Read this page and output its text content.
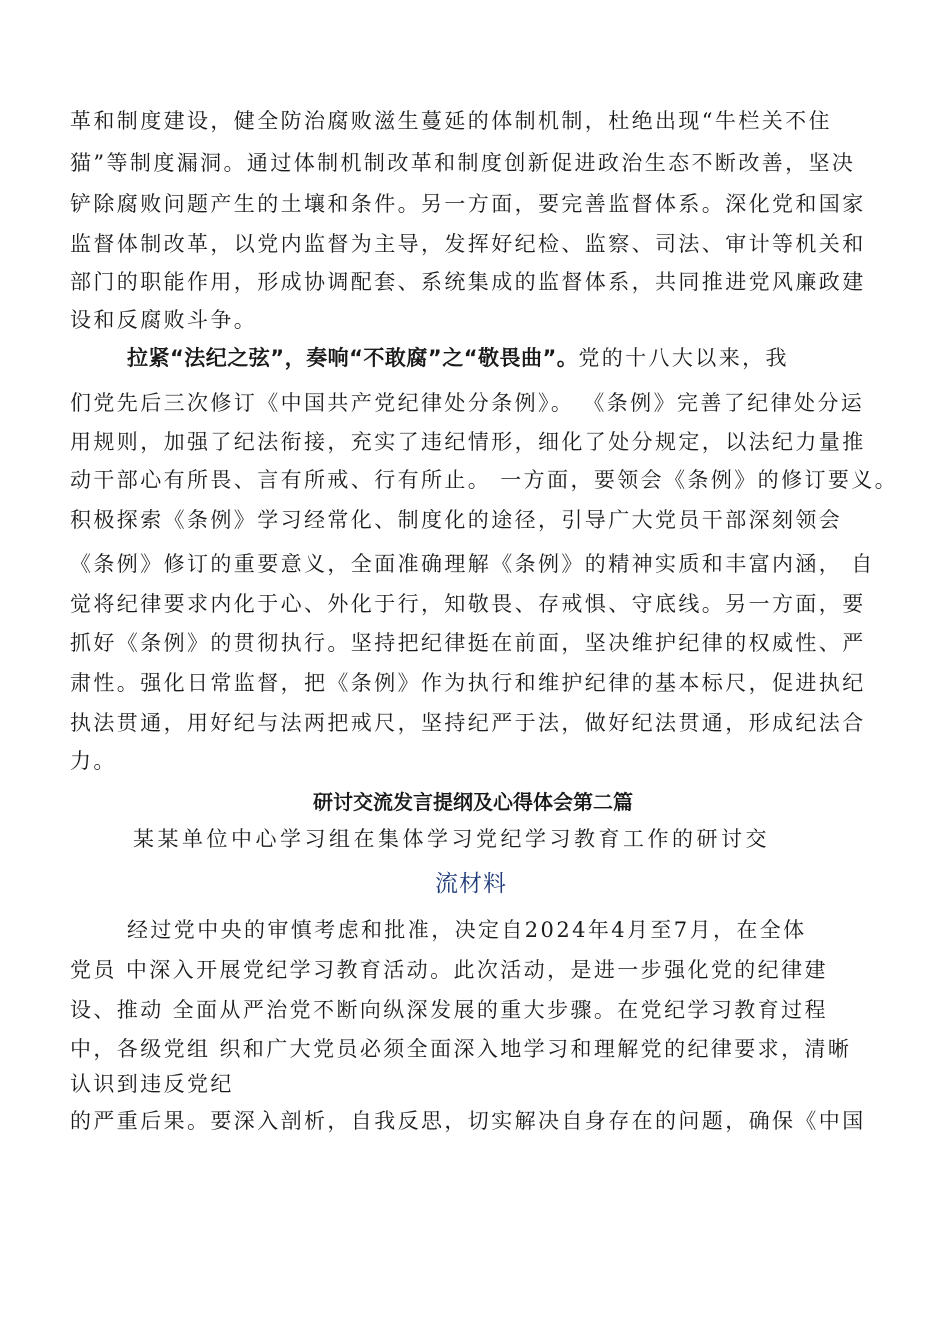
革和制度建设，健全防治腐败滋生蔓延的体制机制，杜绝出现“牛栏关不住
猫”等制度漏洞。通过体制机制改革和制度创新促进政治生态不断改善，坚决
铲除腐败问题产生的土壤和条件。另一方面，要完善监督体系。深化党和国家
监督体制改革，以党内监督为主导，发挥好纪检、监察、司法、审计等机关和
部门的职能作用，形成协调配套、系统集成的监督体系，共同推进党风廉政建
设和反腐败斗争。
拉紧“法纪之弦”，奏响“不敢腐”之“敬畏曲”。党的十八大以来，我
们党先后三次修订《中国共产党纪律处分条例》。 《条例》完善了纪律处分运
用规则，加强了纪法衔接，充实了违纪情形，细化了处分规定，以法纪力量推
动干部心有所畏、言有所戒、行有所止。 一方面，要领会《条例》的修订要义。
积极探索《条例》学习经常化、制度化的途径，引导广大党员干部深刻领会
《条例》修订的重要意义，全面准确理解《条例》的精神实质和丰富内涵， 自
觉将纪律要求内化于心、外化于行，知敬畏、存戒惧、守底线。另一方面，要
抓好《条例》的贯彻执行。坚持把纪律挺在前面，坚决维护纪律的权威性、严
肃性。强化日常监督，把《条例》作为执行和维护纪律的基本标尺，促进执纪
执法贯通，用好纪与法两把戒尺，坚持纪严于法，做好纪法贯通，形成纪法合
力。
研讨交流发言提纲及心得体会第二篇
某某单位中心学习组在集体学习党纪学习教育工作的研讨交
流材料
经过党中央的审慎考虑和批准，决定自2024年4月至7月，在全体
党员 中深入开展党纪学习教育活动。此次活动，是进一步强化党的纪律建
设、推动 全面从严治党不断向纵深发展的重大步骤。在党纪学习教育过程
中，各级党组 织和广大党员必须全面深入地学习和理解党的纪律要求，清晰
认识到违反党纪
的严重后果。要深入剖析，自我反思，切实解决自身存在的问题，确保《中国
